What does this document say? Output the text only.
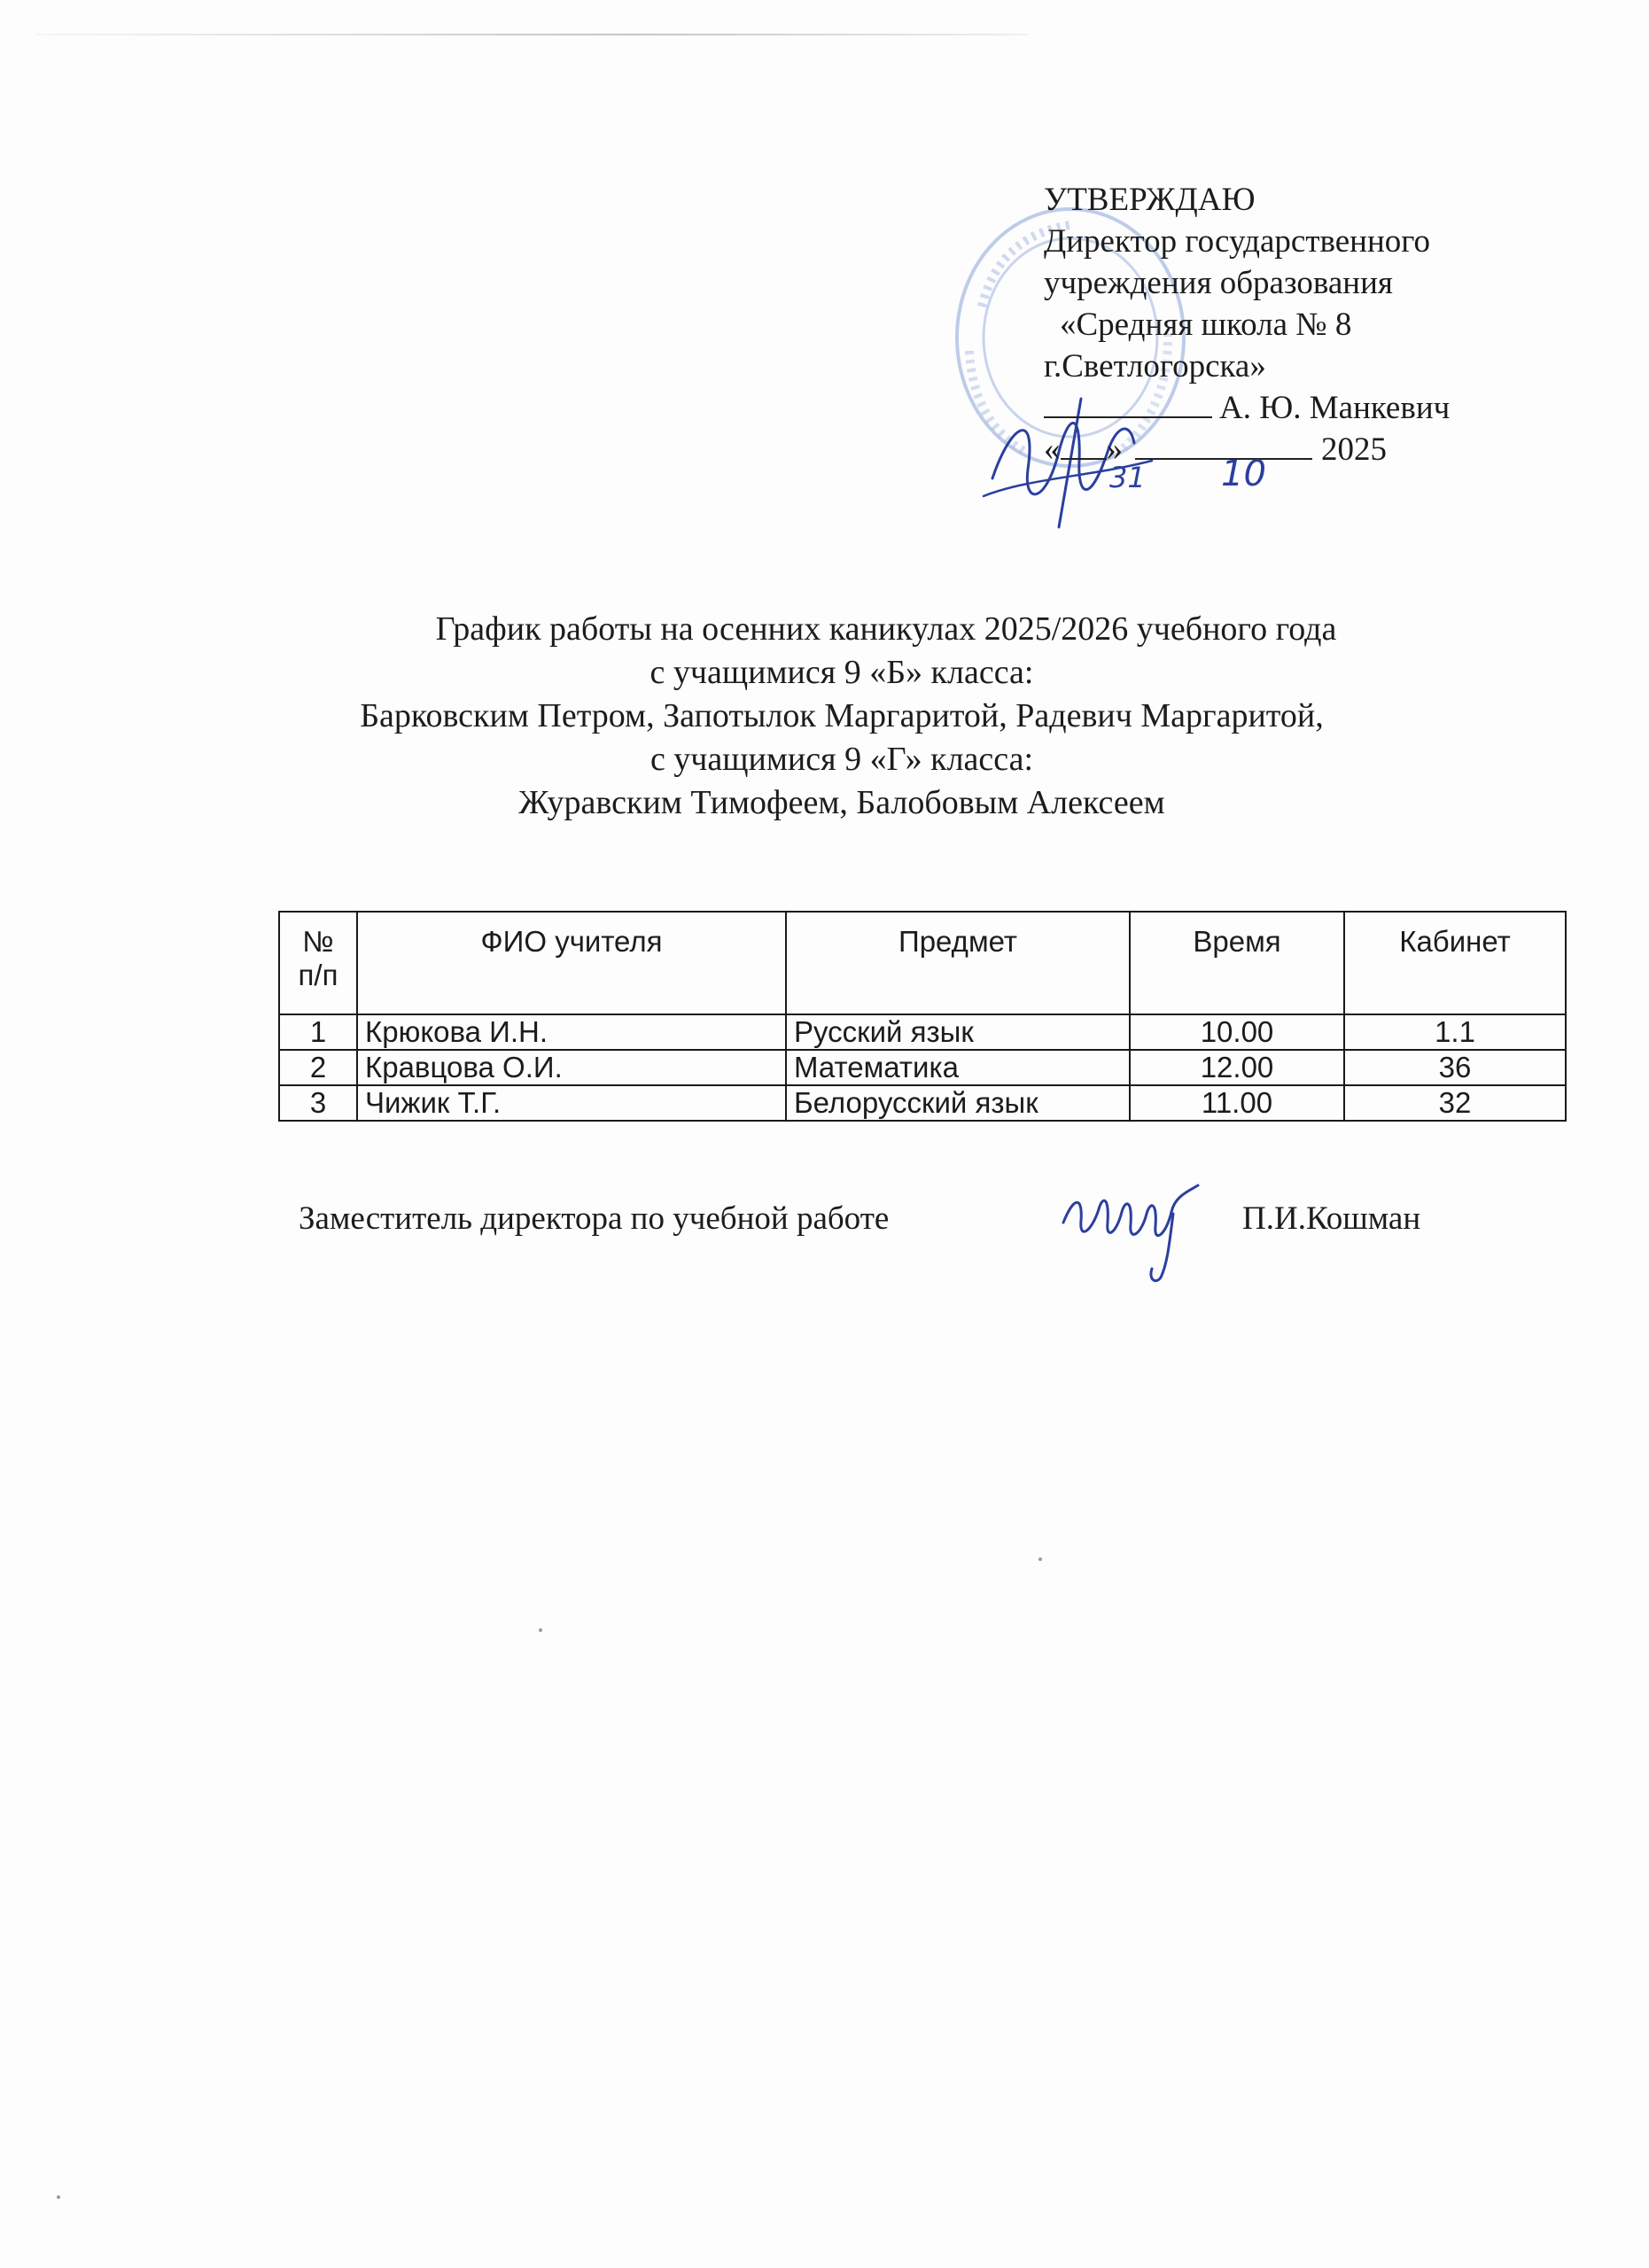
УТВЕРЖДАЮ
Директор государственного
учреждения образования
«Средняя школа № 8
г.Светлогорска»
А. Ю. Манкевич
« »	2025
31 10
График работы на осенних каникулах 2025/2026 учебного года
с учащимися 9 «Б» класса:
Барковским Петром, Запотылок Маргаритой, Радевич Маргаритой,
с учащимися 9 «Г» класса:
Журавским Тимофеем, Балобовым Алексеем
№
п/п	ФИО учителя	Предмет	Время	Кабинет
1	Крюкова И.Н.	Русский язык	10.00	1.1
2	Кравцова О.И.	Математика	12.00	36
3	Чижик Т.Г.	Белорусский язык	11.00	32
Заместитель директора по учебной работе	П.И.Кошман
